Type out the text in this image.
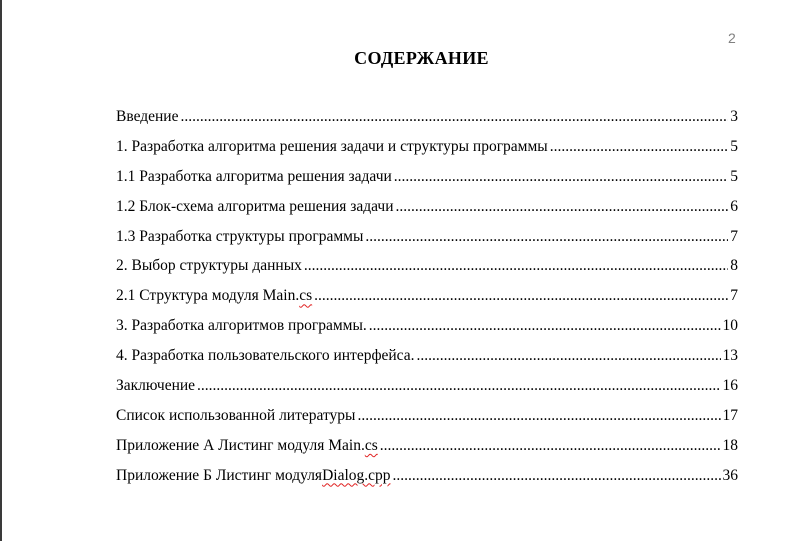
2
СОДЕРЖАНИЕ
Введение .....	3
1. Разработка алгоритма решения задачи и структуры программы .....	5
1.1 Разработка алгоритма решения задачи .....	5
1.2 Блок-схема алгоритма решения задачи .....	6
1.3 Разработка структуры программы .....	7
2. Выбор структуры данных .....	8
2.1 Структура модуля Main.cs .....	7
3. Разработка алгоритмов программы. .....	10
4. Разработка пользовательского интерфейса. .....	13
Заключение .....	16
Список использованной литературы .....	17
Приложение А Листинг модуля Main.cs .....	18
Приложение Б Листинг модуляDialog.cpp .....	36
